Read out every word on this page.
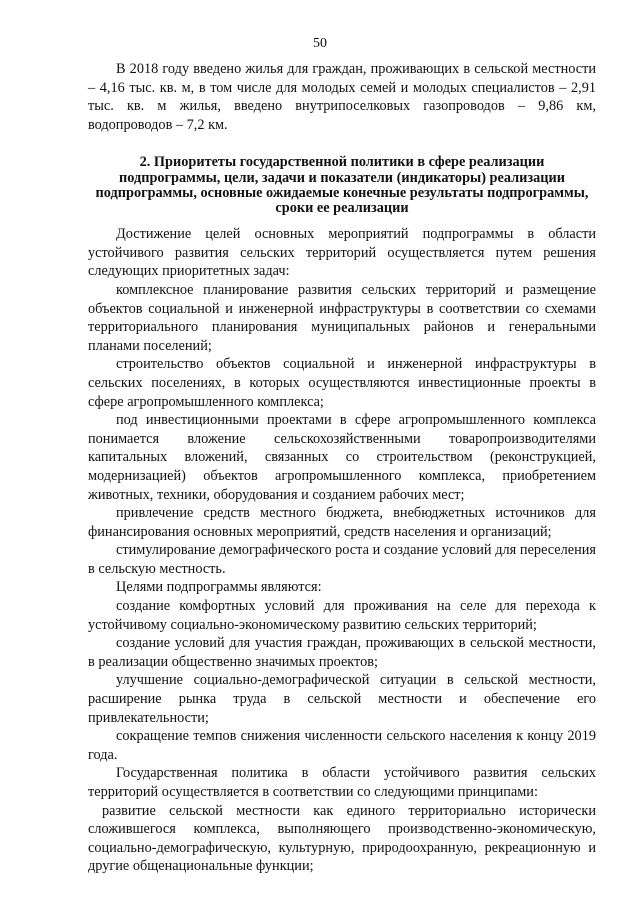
50

В 2018 году введено жилья для граждан, проживающих в сельской местности – 4,16 тыс. кв. м, в том числе для молодых семей и молодых специалистов – 2,91 тыс. кв. м жилья, введено внутрипоселковых газопроводов – 9,86 км, водопроводов – 7,2 км.

2. Приоритеты государственной политики в сфере реализации подпрограммы, цели, задачи и показатели (индикаторы) реализации подпрограммы, основные ожидаемые конечные результаты подпрограммы, сроки ее реализации

Достижение целей основных мероприятий подпрограммы в области устойчивого развития сельских территорий осуществляется путем решения следующих приоритетных задач:

комплексное планирование развития сельских территорий и размещение объектов социальной и инженерной инфраструктуры в соответствии со схемами территориального планирования муниципальных районов и генеральными планами поселений;

строительство объектов социальной и инженерной инфраструктуры в сельских поселениях, в которых осуществляются инвестиционные проекты в сфере агропромышленного комплекса;

под инвестиционными проектами в сфере агропромышленного комплекса понимается вложение сельскохозяйственными товаропроизводителями капитальных вложений, связанных со строительством (реконструкцией, модернизацией) объектов агропромышленного комплекса, приобретением животных, техники, оборудования и созданием рабочих мест;

привлечение средств местного бюджета, внебюджетных источников для финансирования основных мероприятий, средств населения и организаций;

стимулирование демографического роста и создание условий для переселения в сельскую местность.

Целями подпрограммы являются:

создание комфортных условий для проживания на селе для перехода к устойчивому социально-экономическому развитию сельских территорий;

создание условий для участия граждан, проживающих в сельской местности, в реализации общественно значимых проектов;

улучшение социально-демографической ситуации в сельской местности, расширение рынка труда в сельской местности и обеспечение его привлекательности;

сокращение темпов снижения численности сельского населения к концу 2019 года.

Государственная политика в области устойчивого развития сельских территорий осуществляется в соответствии со следующими принципами:

развитие сельской местности как единого территориально исторически сложившегося комплекса, выполняющего производственно-экономическую, социально-демографическую, культурную, природоохранную, рекреационную и другие общенациональные функции;
